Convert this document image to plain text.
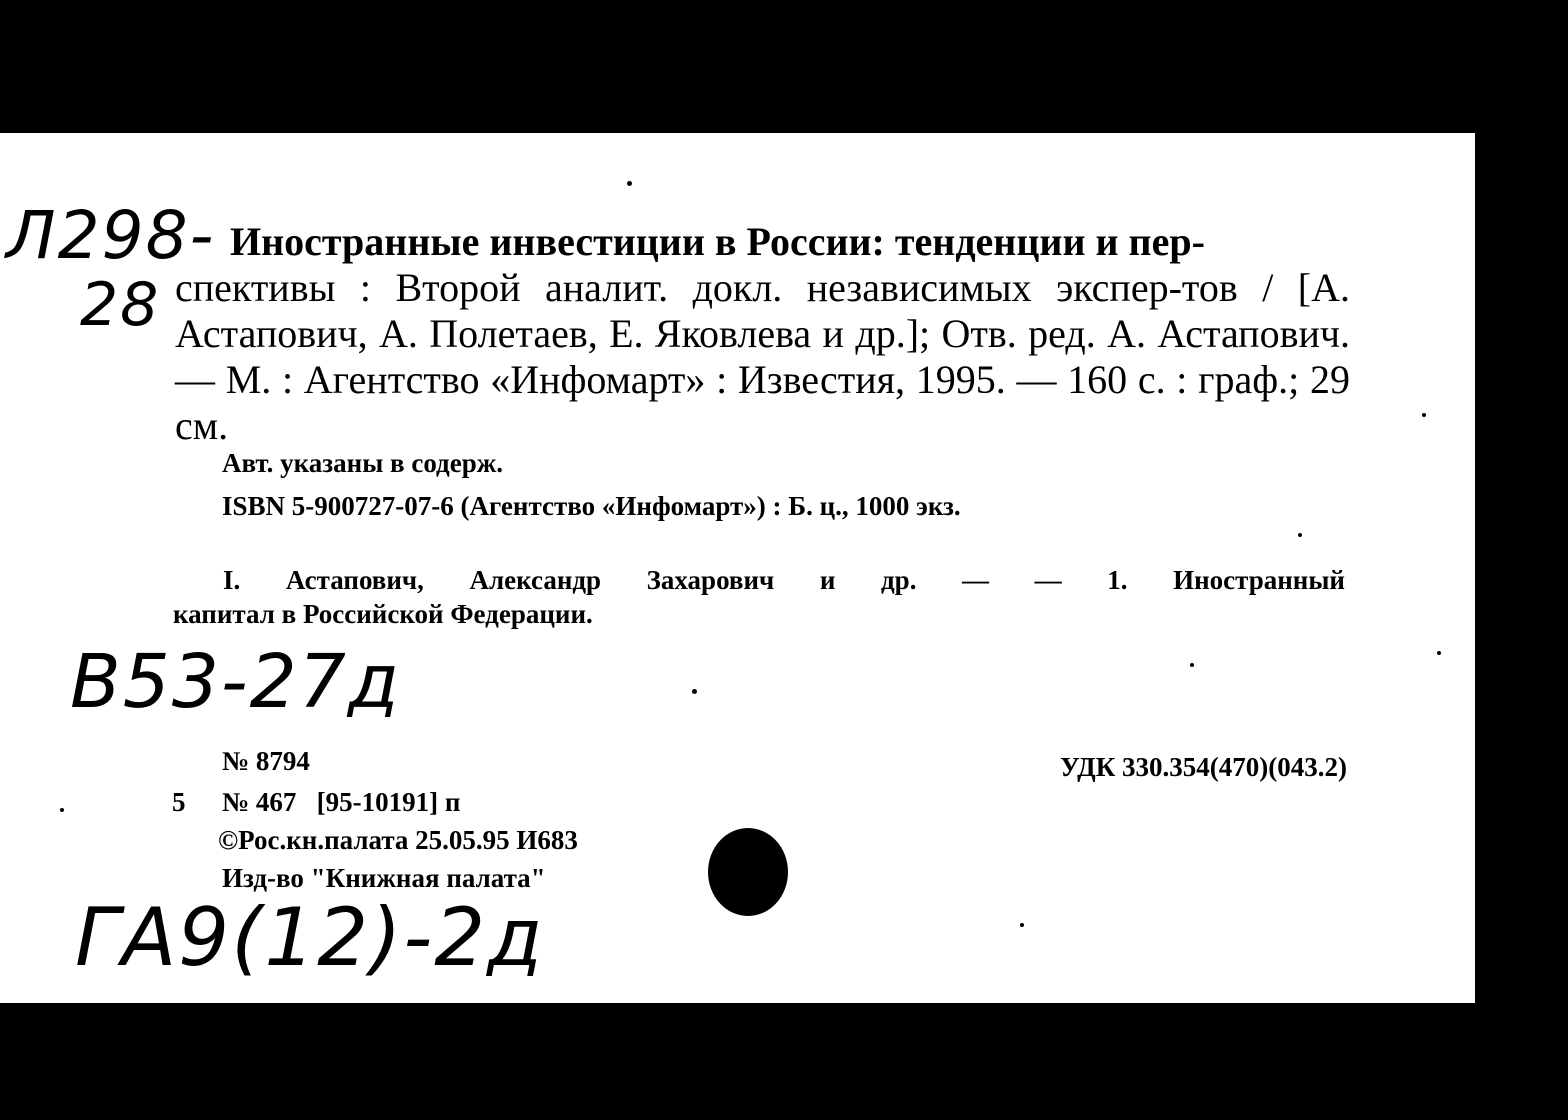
Л298-
28
Иностранные инвестиции в России: тенденции и пер-
спективы : Второй аналит. докл. независимых экспер-тов / [А. Астапович, А. Полетаев, Е. Яковлева и др.]; Отв. ред. А. Астапович. — М. : Агентство «Инфомарт» : Известия, 1995. — 160 с. : граф.; 29 см.
Авт. указаны в содерж.
ISBN 5-900727-07-6 (Агентство «Инфомарт») : Б. ц., 1000 экз.
I. Астапович, Александр Захарович и др. — — 1. Иностранный
капитал в Российской Федерации.
B53-27д
№ 8794
5 № 467   [95-10191] п
©Рос.кн.палата 25.05.95 И683
Изд-во "Книжная палата"
УДК 330.354(470)(043.2)
ГА9(12)-2д
